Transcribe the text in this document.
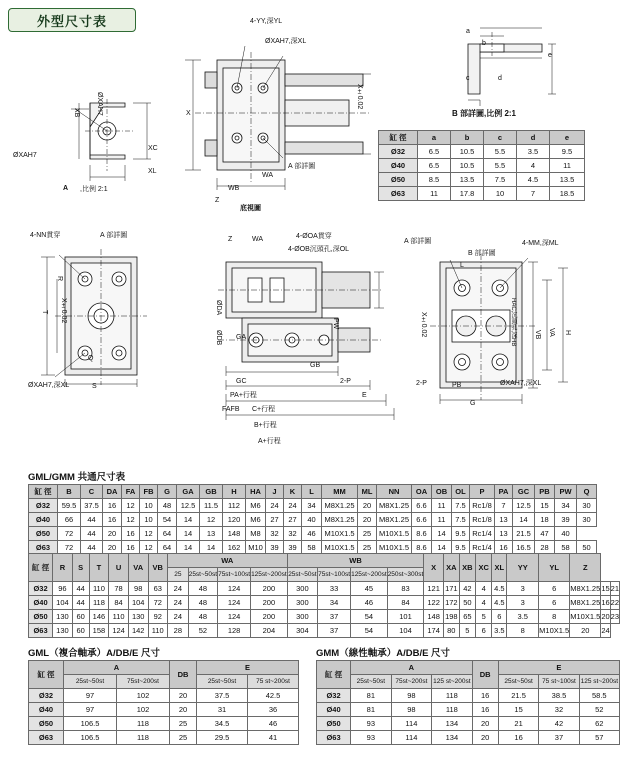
外型尺寸表
ØXAH7
ØXAH7
XB
XC
XL
A ,比例 2:1
4-YY,深YL
ØXAH7,深XL
X±0.02
X
WB
WA
Z
A 部詳圖
底視圖
a
b
c	d
e
B 部詳圖,比例 2:1
缸 徑	a	b	c	d	e
Ø32	6.5	10.5	5.5	3.5	9.5
Ø40	6.5	10.5	5.5	4	11
Ø50	8.5	13.5	7.5	4.5	13.5
Ø63	11	17.8	10	7	18.5
4-NN貫穿	A 部詳圖
X±0.02
T
R
Q
S
ØXAH7,深XL
Z	WA	4-ØOA貫穿
4-ØOB沉頭孔,深OL
ØDA
ØDB GA
PW
GC
GB
2-P
PA+行程
FAFB C+行程
B+行程
A+行程
E
A 部詳圖
B 部詳圖
4-MM,深ML
L
X±0.02	VA
VB	H
HAC,沉頭孔,深HB
2-P	PB
G
ØXAH7,深XL
GML/GMM 共通尺寸表
缸 徑	B	C	DA	FA	FB	G	GA	GB	H	HA	J	K	L	MM	ML	NN	OA	OB	OL	P	PA	GC	PB	PW	Q
Ø32	59.5	37.5	16	12	10	48	12.5	11.5	112	M6	24	24	34	M8X1.25	20	M8X1.25	6.6	11	7.5	Rc1/8	7	12.5	15	34	30
Ø40	66	44	16	12	10	54	14	12	120	M6	27	27	40	M8X1.25	20	M8X1.25	6.6	11	7.5	Rc1/8	13	14	18	39	30
Ø50	72	44	20	16	12	64	14	13	148	M8	32	32	46	M10X1.5	25	M10X1.5	8.6	14	9.5	Rc1/4	13	21.5	47	40	
Ø63	72	44	20	16	12	64	14	14	162	M10	39	39	58	M10X1.5	25	M10X1.5	8.6	14	9.5	Rc1/4	16	16.5	28	58	50
缸 徑	R	S	T	U	VA	VB	WA				WB				X	XA	XB	XC	XL	YY	YL	Z		
							25	25st~50st	75st~100st	125st~200st	25st~50st	75st~100st	125st~200st	250st~300st										
Ø32	96	44	110	78	98	63	24	48	124	200	300	33	45	83	121	171	42	4	4.5	3	6	M8X1.25	15	21
Ø40	104	44	118	84	104	72	24	48	124	200	300	34	46	84	122	172	50	4	4.5	3	6	M8X1.25	16	22
Ø50	130	60	146	110	130	92	24	48	124	200	300	37	54	101	148	198	65	5	6	3.5	8	M10X1.5	20	23
Ø63	130	60	158	124	142	110	28	52	128	204	304	37	54	104	174	80	5	6	3.5	8	M10X1.5	20	24	
GML（複合軸承）A/DB/E 尺寸
缸 徑	A		DB	E	
	25st~50st	75st~200st		25st~50st	75 st~200st
Ø32	97	102	20	37.5	42.5
Ø40	97	102	20	31	36
Ø50	106.5	118	25	34.5	46
Ø63	106.5	118	25	29.5	41
GMM（線性軸承）A/DB/E 尺寸
缸 徑	A			DB	E		
	25st~50st	75st~200st	125 st~200st		25st~50st	75 st~100st	125 st~200st
Ø32	81	98	118	16	21.5	38.5	58.5
Ø40	81	98	118	16	15	32	52
Ø50	93	114	134	20	21	42	62
Ø63	93	114	134	20	16	37	57
